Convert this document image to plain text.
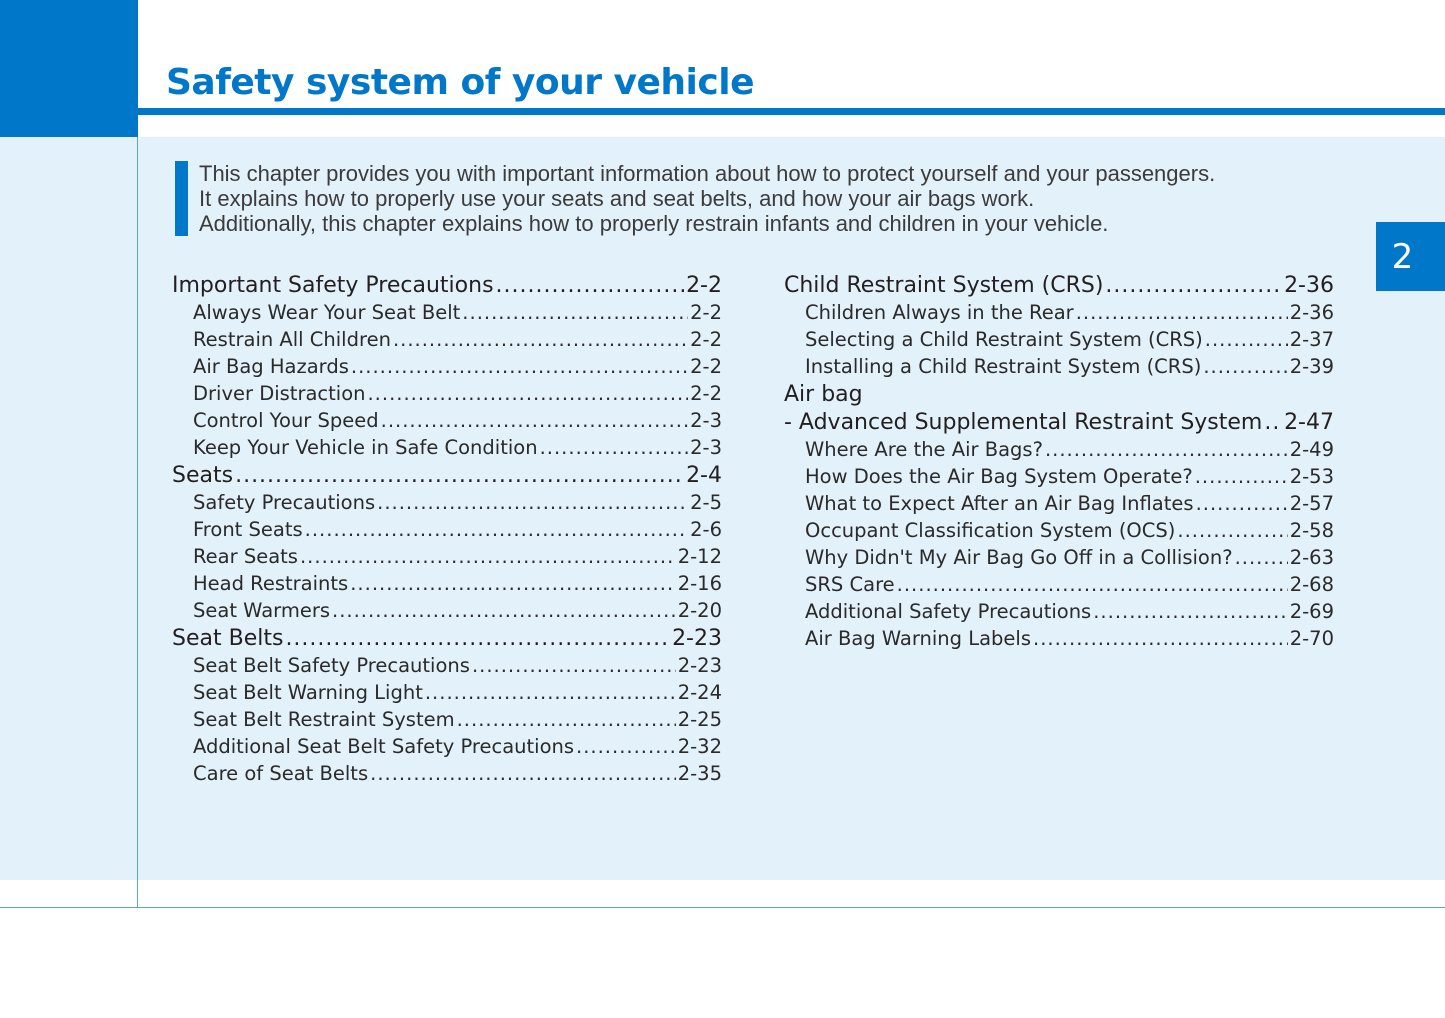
Safety system of your vehicle
2

This chapter provides you with important information about how to protect yourself and your passengers.

It explains how to properly use your seats and seat belts, and how your air bags work.

Additionally, this chapter explains how to properly restrain infants and children in your vehicle.

Important Safety Precautions .....	2-2
Always Wear Your Seat Belt .....	2-2
Restrain All Children .....	2-2
Air Bag Hazards .....	2-2
Driver Distraction .....	2-2
Control Your Speed .....	2-3
Keep Your Vehicle in Safe Condition .....	2-3
Seats .....	2-4
Safety Precautions .....	2-5
Front Seats .....	2-6
Rear Seats .....	2-12
Head Restraints .....	2-16
Seat Warmers .....	2-20
Seat Belts .....	2-23
Seat Belt Safety Precautions .....	2-23
Seat Belt Warning Light .....	2-24
Seat Belt Restraint System .....	2-25
Additional Seat Belt Safety Precautions .....	2-32
Care of Seat Belts .....	2-35
Child Restraint System (CRS) .....	2-36
Children Always in the Rear .....	2-36
Selecting a Child Restraint System (CRS) .....	2-37
Installing a Child Restraint System (CRS) .....	2-39
Air bag
- Advanced Supplemental Restraint System ..... 2-47
Where Are the Air Bags? .....	2-49
How Does the Air Bag System Operate? .....	2-53
What to Expect After an Air Bag Inflates .....	2-57
Occupant Classification System (OCS) .....	2-58
Why Didn't My Air Bag Go Off in a Collision? .....	2-63
SRS Care .....	2-68
Additional Safety Precautions .....	2-69
Air Bag Warning Labels .....	2-70
